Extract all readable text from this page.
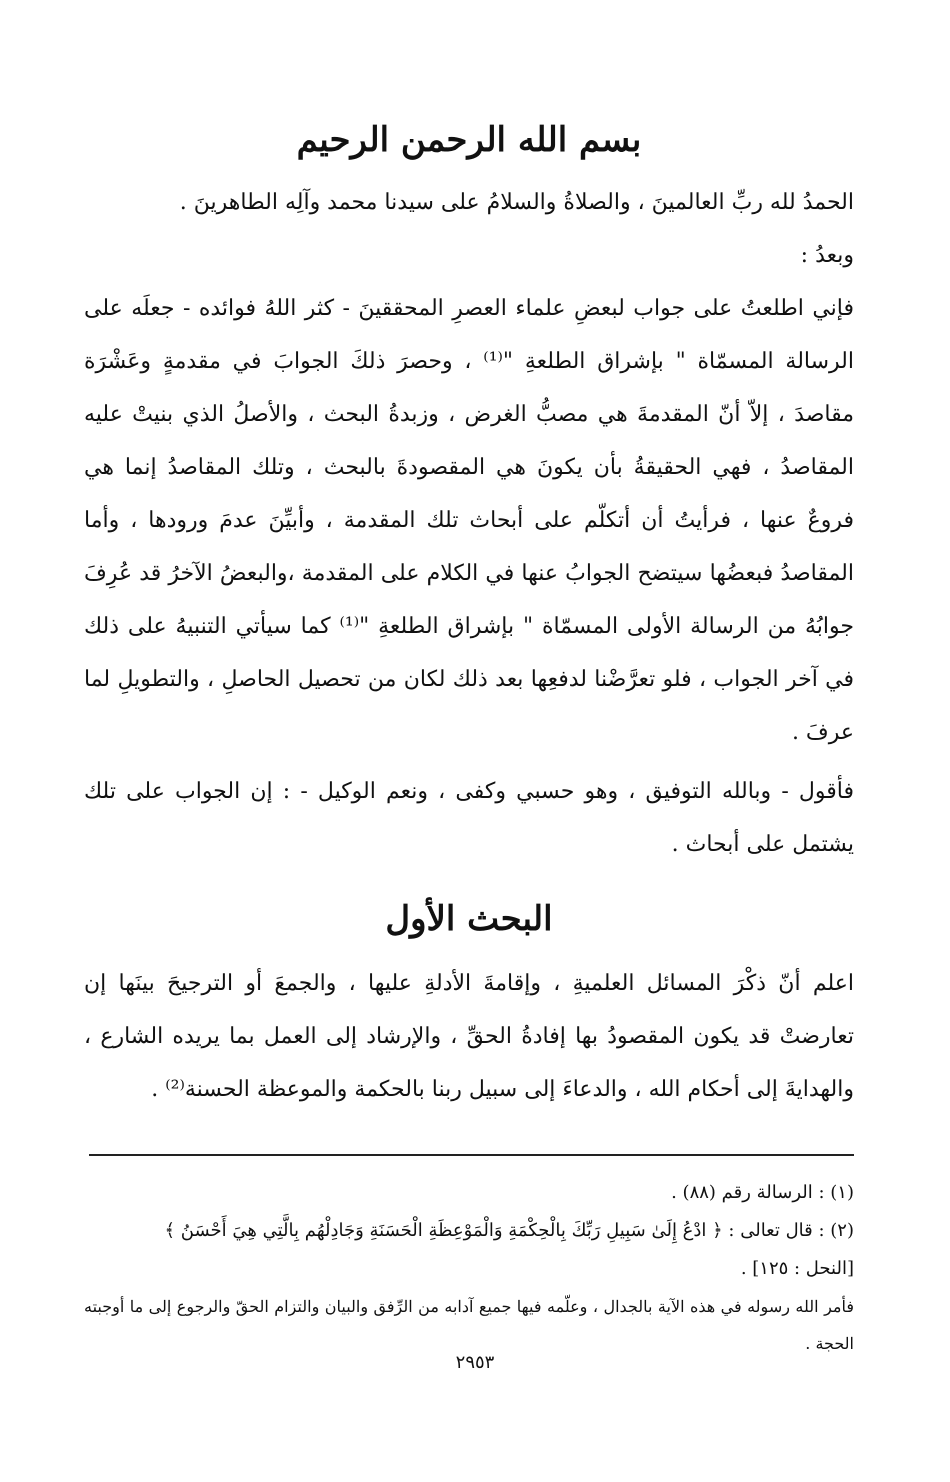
بسم الله الرحمن الرحيم

الحمدُ لله ربِّ العالمينَ ، والصلاةُ والسلامُ على سيدنا محمد وآلِه الطاهرينَ .

وبعدُ :

فإني اطلعتُ على جواب لبعضِ علماء العصرِ المحققينَ - كثر اللهُ فوائده - جعلَه على الرسالة المسمّاة " بإشراق الطلعةِ "⁽¹⁾ ، وحصرَ ذلكَ الجوابَ في مقدمةٍ وعَشْرَة مقاصدَ ، إلاّ أنّ المقدمةَ هي مصبُّ الغرض ، وزبدةُ البحث ، والأصلُ الذي بنيتْ عليه المقاصدُ ، فهي الحقيقةُ بأن يكونَ هي المقصودةَ بالبحث ، وتلك المقاصدُ إنما هي فروعٌ عنها ، فرأيتُ أن أتكلّم على أبحاث تلك المقدمة ، وأبيِّنَ عدمَ ورودها ، وأما المقاصدُ فبعضُها سيتضح الجوابُ عنها في الكلام على المقدمة ،والبعضُ الآخرُ قد عُرِفَ جوابُهُ من الرسالة الأولى المسمّاة " بإشراق الطلعةِ "⁽¹⁾ كما سيأتي التنبيهُ على ذلك في آخر الجواب ، فلو تعرَّضْنا لدفعِها بعد ذلك لكان من تحصيل الحاصلِ ، والتطويلِ لما عرفَ .

فأقول - وبالله التوفيق ، وهو حسبي وكفى ، ونعم الوكيل - : إن الجواب على تلك يشتمل على أبحاث .

البحث الأول

اعلم أنّ ذكْرَ المسائل العلميةِ ، وإقامةَ الأدلةِ عليها ، والجمعَ أو الترجيحَ بينَها إن تعارضتْ قد يكون المقصودُ بها إفادةُ الحقِّ ، والإرشاد إلى العمل بما يريده الشارع ، والهدايةَ إلى أحكام الله ، والدعاءَ إلى سبيل ربنا بالحكمة والموعظة الحسنة⁽²⁾ .

(١) : الرسالة رقم (٨٨) .

(٢) : قال تعالى : ﴿ ادْعُ إِلَىٰ سَبِيلِ رَبِّكَ بِالْحِكْمَةِ وَالْمَوْعِظَةِ الْحَسَنَةِ وَجَادِلْهُم بِالَّتِي هِيَ أَحْسَنُ ﴾

[النحل : ١٢٥] .

فأمر الله رسوله في هذه الآية بالجدال ، وعلّمه فيها جميع آدابه من الرِّفق والبيان والتزام الحقّ والرجوع إلى ما أوجبته الحجة .

٢٩٥٣
